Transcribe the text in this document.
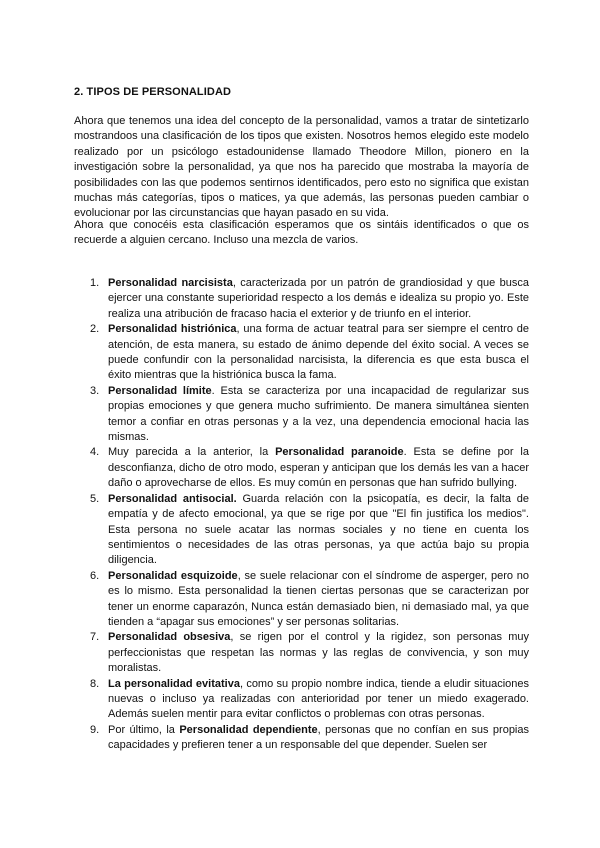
2. TIPOS DE PERSONALIDAD

Ahora que tenemos una idea del concepto de la personalidad, vamos a tratar de sintetizarlo mostrandoos una clasificación de los tipos que existen. Nosotros hemos elegido este modelo realizado por un psicólogo estadounidense llamado Theodore Millon, pionero en la investigación sobre la personalidad, ya que nos ha parecido que mostraba la mayoría de posibilidades con las que podemos sentirnos identificados, pero esto no significa que existan muchas más categorías, tipos o matices, ya que además, las personas pueden cambiar o evolucionar por las circunstancias que hayan pasado en su vida.

Ahora que conocéis esta clasificación esperamos que os sintáis identificados o que os recuerde a alguien cercano. Incluso una mezcla de varios.

1. Personalidad narcisista, caracterizada por un patrón de grandiosidad y que busca ejercer una constante superioridad respecto a los demás e idealiza su propio yo. Este realiza una atribución de fracaso hacia el exterior y de triunfo en el interior.
2. Personalidad histriónica, una forma de actuar teatral para ser siempre el centro de atención, de esta manera, su estado de ánimo depende del éxito social. A veces se puede confundir con la personalidad narcisista, la diferencia es que esta busca el éxito mientras que la histriónica busca la fama.
3. Personalidad límite. Esta se caracteriza por una incapacidad de regularizar sus propias emociones y que genera mucho sufrimiento. De manera simultánea sienten temor a confiar en otras personas y a la vez, una dependencia emocional hacia las mismas.
4. Muy parecida a la anterior, la Personalidad paranoide. Esta se define por la desconfianza, dicho de otro modo, esperan y anticipan que los demás les van a hacer daño o aprovecharse de ellos. Es muy común en personas que han sufrido bullying.
5. Personalidad antisocial. Guarda relación con la psicopatía, es decir, la falta de empatía y de afecto emocional, ya que se rige por que "El fin justifica los medios". Esta persona no suele acatar las normas sociales y no tiene en cuenta los sentimientos o necesidades de las otras personas, ya que actúa bajo su propia diligencia.
6. Personalidad esquizoide, se suele relacionar con el síndrome de asperger, pero no es lo mismo. Esta personalidad la tienen ciertas personas que se caracterizan por tener un enorme caparazón, Nunca están demasiado bien, ni demasiado mal, ya que tienden a “apagar sus emociones” y ser personas solitarias.
7. Personalidad obsesiva, se rigen por el control y la rigidez, son personas muy perfeccionistas que respetan las normas y las reglas de convivencia, y son muy moralistas.
8. La personalidad evitativa, como su propio nombre indica, tiende a eludir situaciones nuevas o incluso ya realizadas con anterioridad por tener un miedo exagerado. Además suelen mentir para evitar conflictos o problemas con otras personas.
9. Por último, la Personalidad dependiente, personas que no confían en sus propias capacidades y prefieren tener a un responsable del que depender. Suelen ser
